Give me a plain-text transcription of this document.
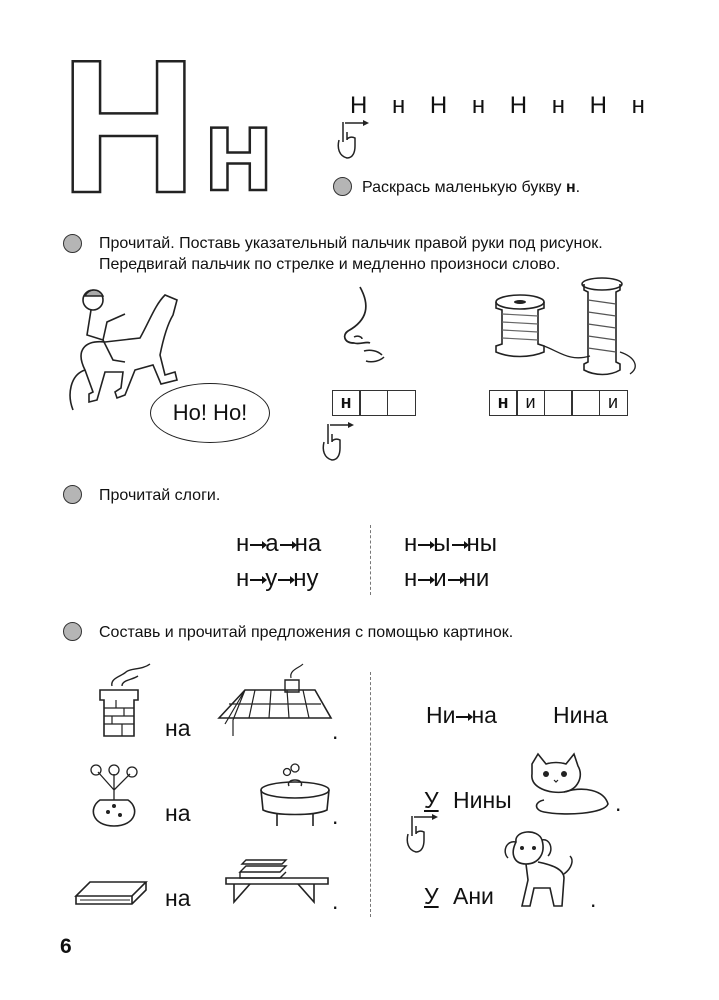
Н н	Н н Н н Н н Н н
Раскрась маленькую букву н.
Прочитай. Поставь указательный пальчик правой руки под рисунок.
Передвигай пальчик по стрелке и медленно произноси слово.
Но! Но!	н	н и	и
Прочитай слоги.
н а на
н у ну
н ы ны
н и ни
Составь и прочитай предложения с помощью картинок.
на	.
на	.
на	.
Ни на Нина
У Нины	.
У Ани	.
6
